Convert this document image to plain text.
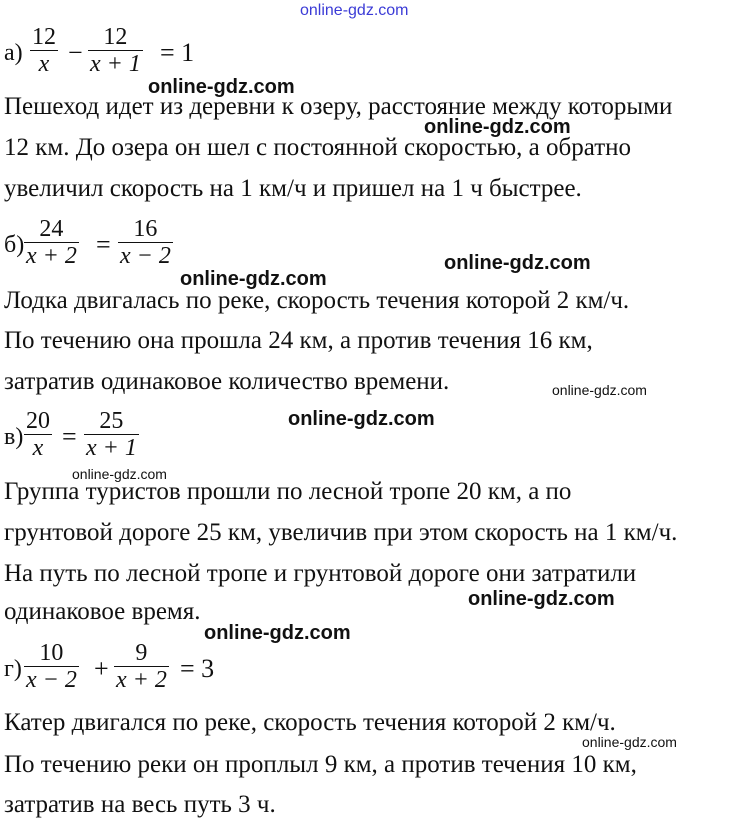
online-gdz.com
$а) \frac{12}{x} - \frac{12}{x + 1} = 1$
online-gdz.com
Пешеход идет из деревни к озеру, расстояние между которыми
online-gdz.com
12 км. До озера он шел с постоянной скоростью, а обратно
увеличил скорость на 1 км/ч и пришел на 1 ч быстрее.
$б) \frac{24}{x + 2} = \frac{16}{x - 2}$	online-gdz.com
online-gdz.com
Лодка двигалась по реке, скорость течения которой 2 км/ч.
По течению она прошла 24 км, а против течения 16 км,
затратив одинаковое количество времени.	online-gdz.com
$в) \frac{20}{x} = \frac{25}{x + 1}$	online-gdz.com
online-gdz.com
Группа туристов прошли по лесной тропе 20 км, а по
грунтовой дороге 25 км, увеличив при этом скорость на 1 км/ч.
На путь по лесной тропе и грунтовой дороге они затратили
online-gdz.com
одинаковое время.
online-gdz.com
$г) \frac{10}{x - 2} + \frac{9}{x + 2} = 3$
Катер двигался по реке, скорость течения которой 2 км/ч.
online-gdz.com
По течению реки он проплыл 9 км, а против течения 10 км,
затратив на весь путь 3 ч.
